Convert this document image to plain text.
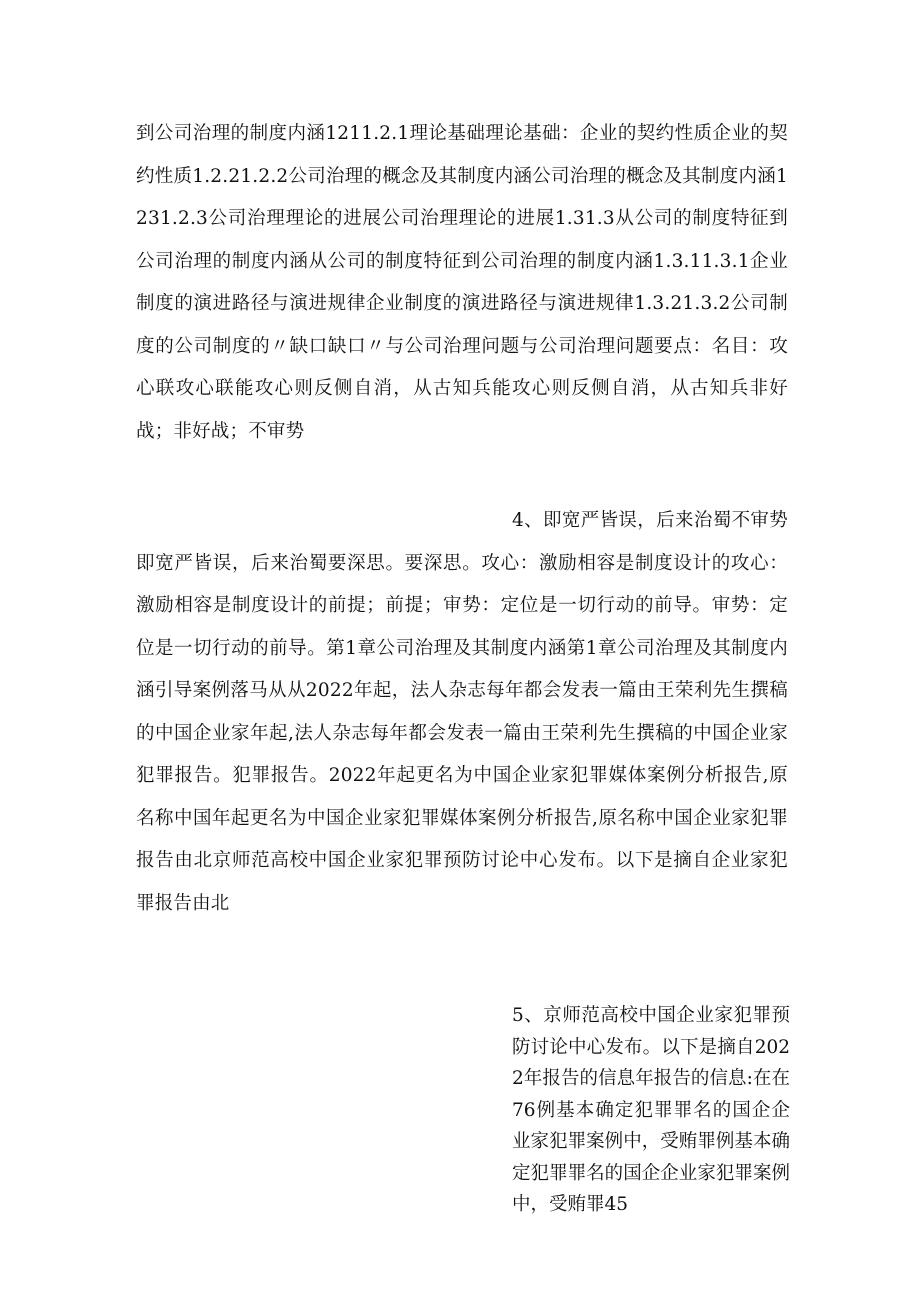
到公司治理的制度内涵1211.2.1理论基础理论基础：企业的契约性质企业的契约性质1.2.21.2.2公司治理的概念及其制度内涵公司治理的概念及其制度内涵1231.2.3公司治理理论的进展公司治理理论的进展1.31.3从公司的制度特征到公司治理的制度内涵从公司的制度特征到公司治理的制度内涵1.3.11.3.1企业制度的演进路径与演进规律企业制度的演进路径与演进规律1.3.21.3.2公司制度的公司制度的〃缺口缺口〃与公司治理问题与公司治理问题要点：名目：攻心联攻心联能攻心则反侧自消，从古知兵能攻心则反侧自消，从古知兵非好战；非好战；不审势

4、即宽严皆误，后来治蜀不审势即宽严皆误，后来治蜀要深思。要深思。攻心：激励相容是制度设计的攻心：激励相容是制度设计的前提；前提；审势：定位是一切行动的前导。审势：定位是一切行动的前导。第1章公司治理及其制度内涵第1章公司治理及其制度内涵引导案例落马从从2022年起，法人杂志每年都会发表一篇由王荣利先生撰稿的中国企业家年起,法人杂志每年都会发表一篇由王荣利先生撰稿的中国企业家犯罪报告。犯罪报告。2022年起更名为中国企业家犯罪媒体案例分析报告,原名称中国年起更名为中国企业家犯罪媒体案例分析报告,原名称中国企业家犯罪报告由北京师范高校中国企业家犯罪预防讨论中心发布。以下是摘自企业家犯罪报告由北

5、京师范高校中国企业家犯罪预防讨论中心发布。以下是摘自2022年报告的信息年报告的信息:在在76例基本确定犯罪罪名的国企企业家犯罪案例中，受贿罪例基本确定犯罪罪名的国企企业家犯罪案例中，受贿罪45
